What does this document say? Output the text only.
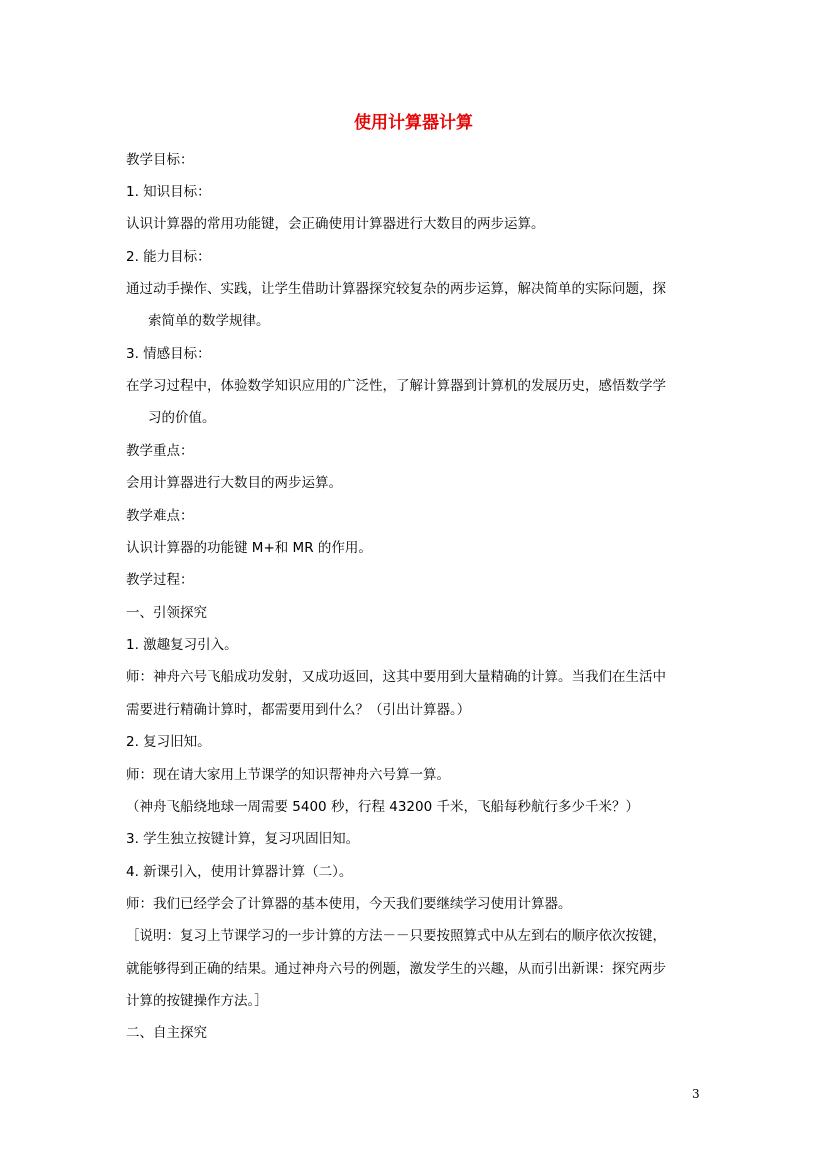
使用计算器计算
教学目标：
1. 知识目标：
认识计算器的常用功能键，会正确使用计算器进行大数目的两步运算。
2. 能力目标：
通过动手操作、实践，让学生借助计算器探究较复杂的两步运算，解决简单的实际问题，探
索简单的数学规律。
3. 情感目标：
在学习过程中，体验数学知识应用的广泛性，了解计算器到计算机的发展历史，感悟数学学
习的价值。
教学重点：
会用计算器进行大数目的两步运算。
教学难点：
认识计算器的功能键 M+和 MR 的作用。
教学过程：
一、引领探究
1. 激趣复习引入。
师：神舟六号飞船成功发射，又成功返回，这其中要用到大量精确的计算。当我们在生活中
需要进行精确计算时，都需要用到什么？（引出计算器。）
2. 复习旧知。
师：现在请大家用上节课学的知识帮神舟六号算一算。
（神舟飞船绕地球一周需要 5400 秒，行程 43200 千米，飞船每秒航行多少千米？）
3. 学生独立按键计算，复习巩固旧知。
4. 新课引入，使用计算器计算（二）。
师：我们已经学会了计算器的基本使用，今天我们要继续学习使用计算器。
［说明：复习上节课学习的一步计算的方法－－只要按照算式中从左到右的顺序依次按键，
就能够得到正确的结果。通过神舟六号的例题，激发学生的兴趣，从而引出新课：探究两步
计算的按键操作方法。］
二、自主探究
3
